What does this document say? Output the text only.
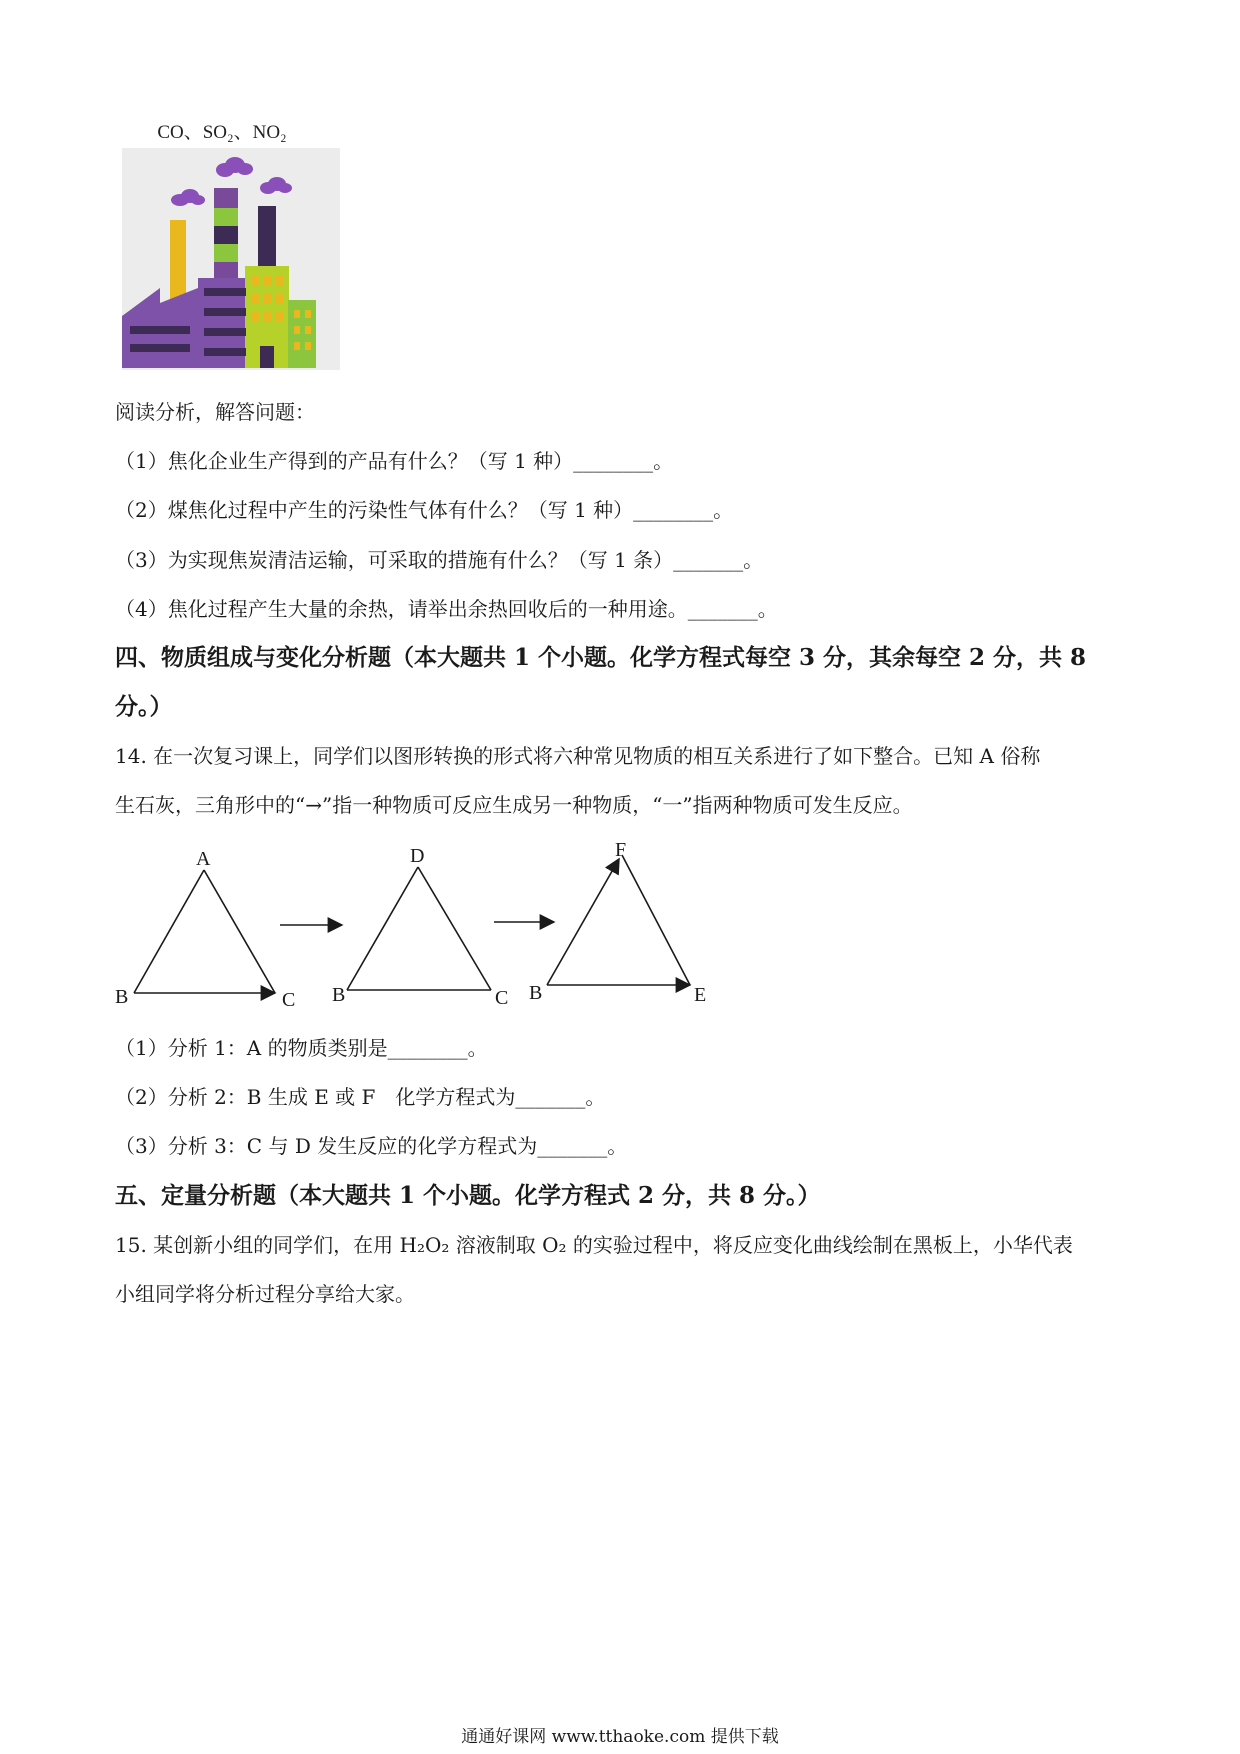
CO、SO₂、NO₂
阅读分析，解答问题：
（1）焦化企业生产得到的产品有什么？（写 1 种）________。
（2）煤焦化过程中产生的污染性气体有什么？（写 1 种）________。
（3）为实现焦炭清洁运输，可采取的措施有什么？（写 1 条）_______。
（4）焦化过程产生大量的余热，请举出余热回收后的一种用途。_______。
四、物质组成与变化分析题（本大题共 1 个小题。化学方程式每空 3 分，其余每空 2 分，共 8
分。）
14. 在一次复习课上，同学们以图形转换的形式将六种常见物质的相互关系进行了如下整合。已知 A 俗称
生石灰，三角形中的“→”指一种物质可反应生成另一种物质，“一”指两种物质可发生反应。
A
B	C
D
B	C
F
B	E
（1）分析 1：A 的物质类别是________。
（2）分析 2：B 生成 E 或 F　化学方程式为_______。
（3）分析 3：C 与 D 发生反应的化学方程式为_______。
五、定量分析题（本大题共 1 个小题。化学方程式 2 分，共 8 分。）
15. 某创新小组的同学们，在用 H₂O₂ 溶液制取 O₂ 的实验过程中，将反应变化曲线绘制在黑板上，小华代表
小组同学将分析过程分享给大家。
通通好课网 www.tthaoke.com 提供下载
